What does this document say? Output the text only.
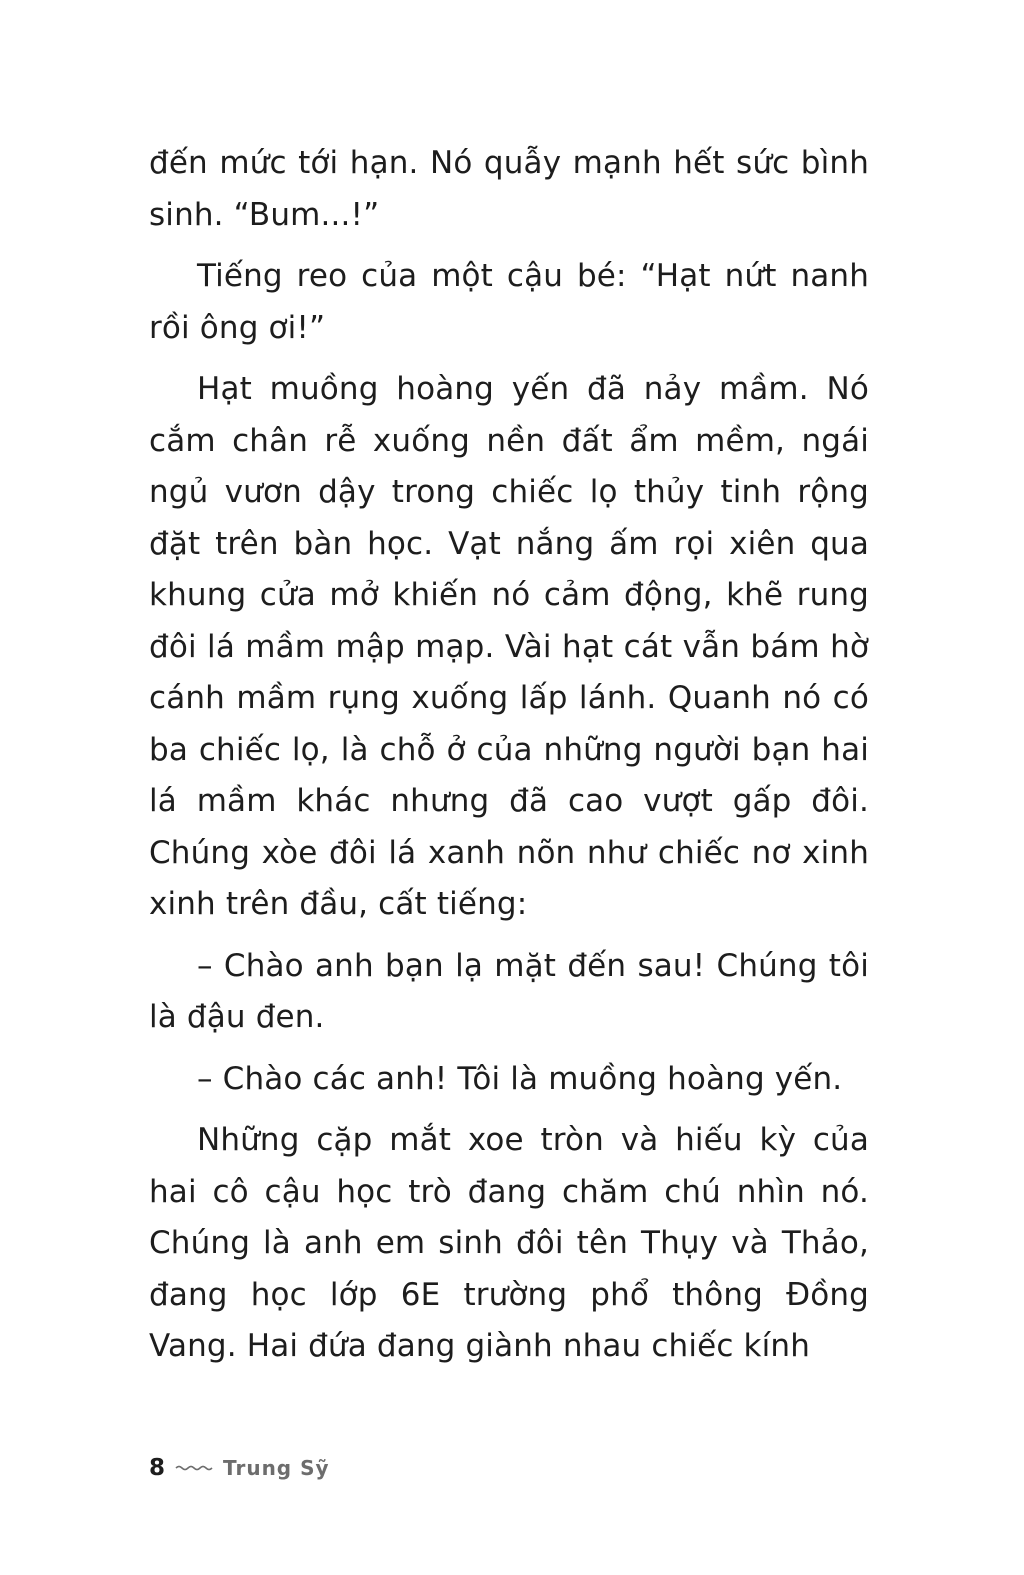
đến mức tới hạn. Nó quẫy mạnh hết sức bình sinh. “Bum...!”

Tiếng reo của một cậu bé: “Hạt nứt nanh rồi ông ơi!”

Hạt muồng hoàng yến đã nảy mầm. Nó cắm chân rễ xuống nền đất ẩm mềm, ngái ngủ vươn dậy trong chiếc lọ thủy tinh rộng đặt trên bàn học. Vạt nắng ấm rọi xiên qua khung cửa mở khiến nó cảm động, khẽ rung đôi lá mầm mập mạp. Vài hạt cát vẫn bám hờ cánh mầm rụng xuống lấp lánh. Quanh nó có ba chiếc lọ, là chỗ ở của những người bạn hai lá mầm khác nhưng đã cao vượt gấp đôi. Chúng xòe đôi lá xanh nõn như chiếc nơ xinh xinh trên đầu, cất tiếng:

– Chào anh bạn lạ mặt đến sau! Chúng tôi là đậu đen.

– Chào các anh! Tôi là muồng hoàng yến.

Những cặp mắt xoe tròn và hiếu kỳ của hai cô cậu học trò đang chăm chú nhìn nó. Chúng là anh em sinh đôi tên Thụy và Thảo, đang học lớp 6E trường phổ thông Đồng Vang. Hai đứa đang giành nhau chiếc kính

8	Trung Sỹ
